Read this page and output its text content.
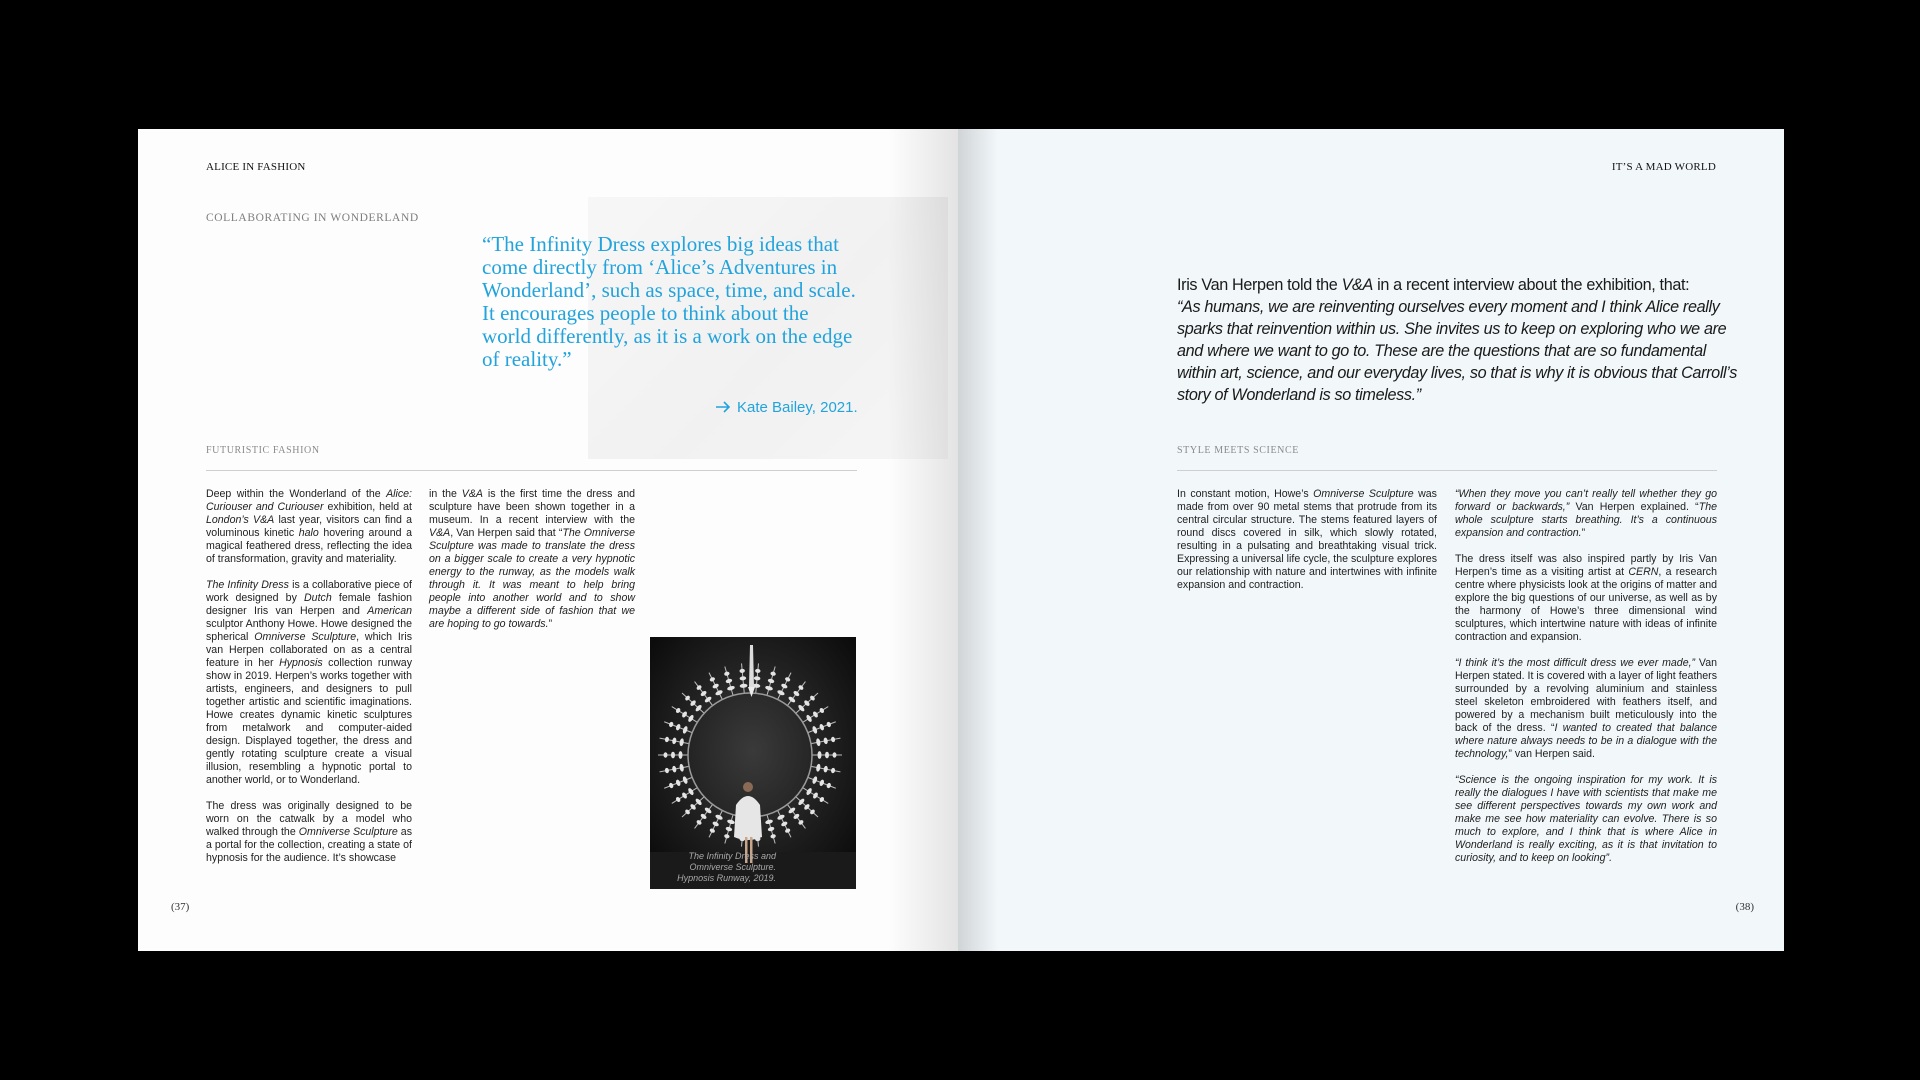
ALICE IN FASHION
COLLABORATING IN WONDERLAND
“The Infinity Dress explores big ideas that come directly from ‘Alice’s Adventures in Wonderland’, such as space, time, and scale. It encourages people to think about the world differently, as it is a work on the edge of reality.”
Kate Bailey, 2021.
FUTURISTIC FASHION

Deep within the Wonderland of the Alice: Curiouser and Curiouser exhibition, held at London’s V&A last year, visitors can find a voluminous kinetic halo hovering around a magical feathered dress, reflecting the idea of transformation, gravity and materiality.

The Infinity Dress is a collaborative piece of work designed by Dutch female fashion designer Iris van Herpen and American sculptor Anthony Howe. Howe designed the spherical Omniverse Sculpture, which Iris van Herpen collaborated on as a central feature in her Hypnosis collection runway show in 2019. Herpen’s works together with artists, engineers, and designers to pull together artistic and scientific imaginations. Howe creates dynamic kinetic sculptures from metalwork and computer-aided design. Displayed together, the dress and gently rotating sculpture create a visual illusion, resembling a hypnotic portal to another world, or to Wonderland.

The dress was originally designed to be worn on the catwalk by a model who walked through the Omniverse Sculpture as a portal for the collection, creating a state of hypnosis for the audience. It’s showcase

in the V&A is the first time the dress and sculpture have been shown together in a museum. In a recent interview with the V&A, Van Herpen said that “The Omniverse Sculpture was made to translate the dress on a bigger scale to create a very hypnotic energy to the runway, as the models walk through it. It was meant to help bring people into another world and to show maybe a different side of fashion that we are hoping to go towards.”

The Infinity Dress and
Omniverse Sculpture.
Hypnosis Runway, 2019.
(37)
IT’S A MAD WORLD
Iris Van Herpen told the V&A in a recent interview about the exhibition, that:
“As humans, we are reinventing ourselves every moment and I think Alice really sparks that reinvention within us. She invites us to keep on exploring who we are and where we want to go to. These are the questions that are so fundamental within art, science, and our everyday lives, so that is why it is obvious that Carroll’s story of Wonderland is so timeless.”
STYLE MEETS SCIENCE

In constant motion, Howe’s Omniverse Sculpture was made from over 90 metal stems that protrude from its central circular structure. The stems featured layers of round discs covered in silk, which slowly rotated, resulting in a pulsating and breathtaking visual trick. Expressing a universal life cycle, the sculpture explores our relationship with nature and intertwines with infinite expansion and contraction.

“When they move you can’t really tell whether they go forward or backwards,” Van Herpen explained. “The whole sculpture starts breathing. It’s a continuous expansion and contraction.”

The dress itself was also inspired partly by Iris Van Herpen’s time as a visiting artist at CERN, a research centre where physicists look at the origins of matter and explore the big questions of our universe, as well as by the harmony of Howe’s three dimensional wind sculptures, which intertwine nature with ideas of infinite contraction and expansion.

“I think it’s the most difficult dress we ever made,” Van Herpen stated. It is covered with a layer of light feathers surrounded by a revolving aluminium and stainless steel skeleton embroidered with feathers itself, and powered by a mechanism built meticulously into the back of the dress. “I wanted to created that balance where nature always needs to be in a dialogue with the technology,” van Herpen said.

“Science is the ongoing inspiration for my work. It is really the dialogues I have with scientists that make me see different perspectives towards my own work and make me see how materiality can evolve. There is so much to explore, and I think that is where Alice in Wonderland is really exciting, as it is that invitation to curiosity, and to keep on looking”.

(38)
